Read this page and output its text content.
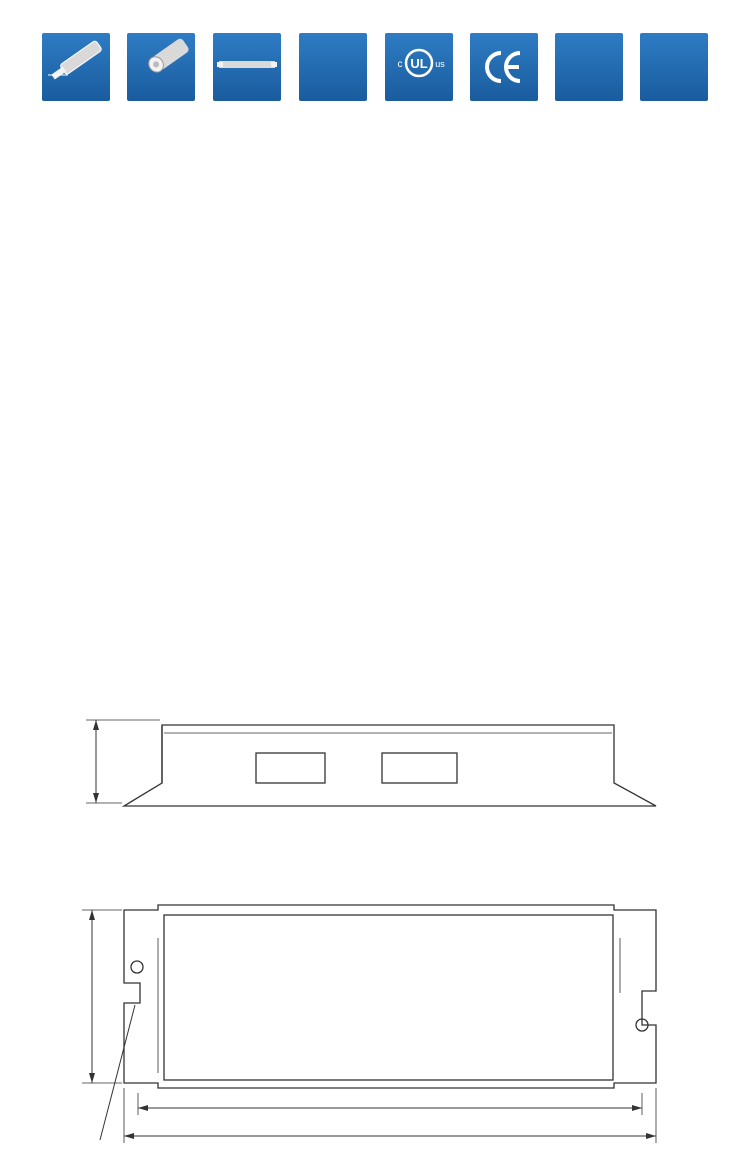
UL
c	us
